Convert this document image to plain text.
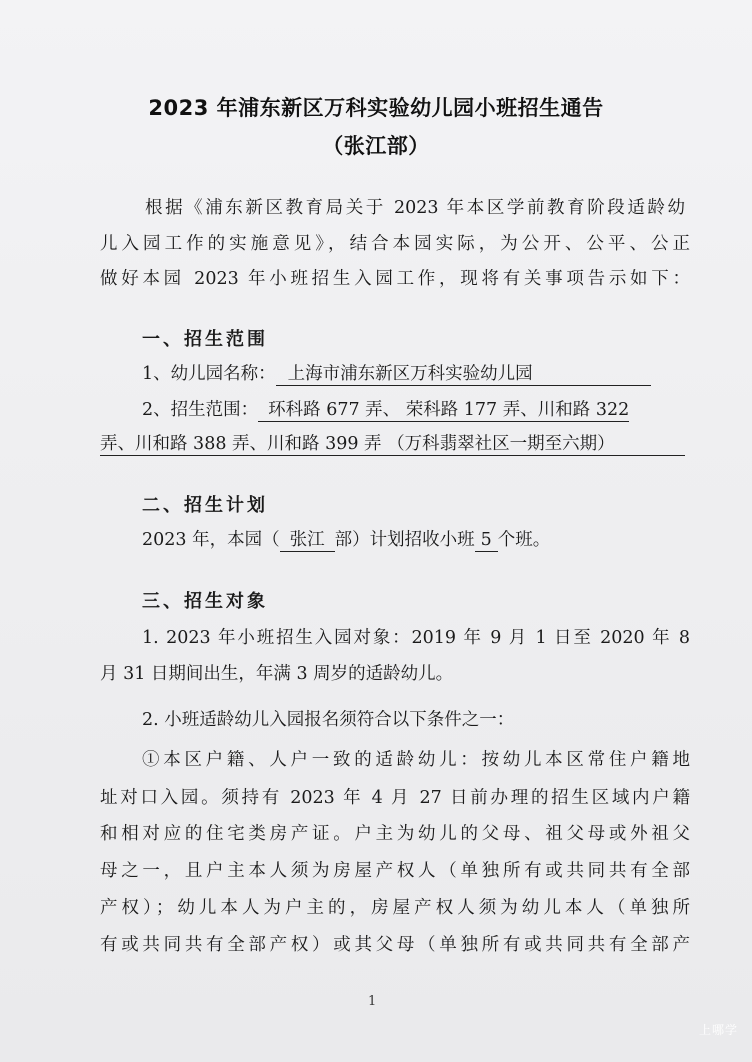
2023 年浦东新区万科实验幼儿园小班招生通告
（张江部）
根据《浦东新区教育局关于 2023 年本区学前教育阶段适龄幼
儿入园工作的实施意见》，结合本园实际，为公开、公平、公正
做好本园 2023 年小班招生入园工作，现将有关事项告示如下：
一、招生范围
1、幼儿园名称： 上海市浦东新区万科实验幼儿园
2、招生范围： 环科路 677 弄、 荣科路 177 弄、川和路 322
弄、川和路 388 弄、川和路 399 弄 （万科翡翠社区一期至六期）
二、招生计划
2023 年，本园（ 张江 部）计划招收小班 5 个班。
三、招生对象
1. 2023 年小班招生入园对象：2019 年 9 月 1 日至 2020 年 8
月 31 日期间出生，年满 3 周岁的适龄幼儿。
2. 小班适龄幼儿入园报名须符合以下条件之一：
①本区户籍、人户一致的适龄幼儿：按幼儿本区常住户籍地
址对口入园。须持有 2023 年 4 月 27 日前办理的招生区域内户籍
和相对应的住宅类房产证。户主为幼儿的父母、祖父母或外祖父
母之一，且户主本人须为房屋产权人（单独所有或共同共有全部
产权）；幼儿本人为户主的，房屋产权人须为幼儿本人（单独所
有或共同共有全部产权）或其父母（单独所有或共同共有全部产
1
上哪学
